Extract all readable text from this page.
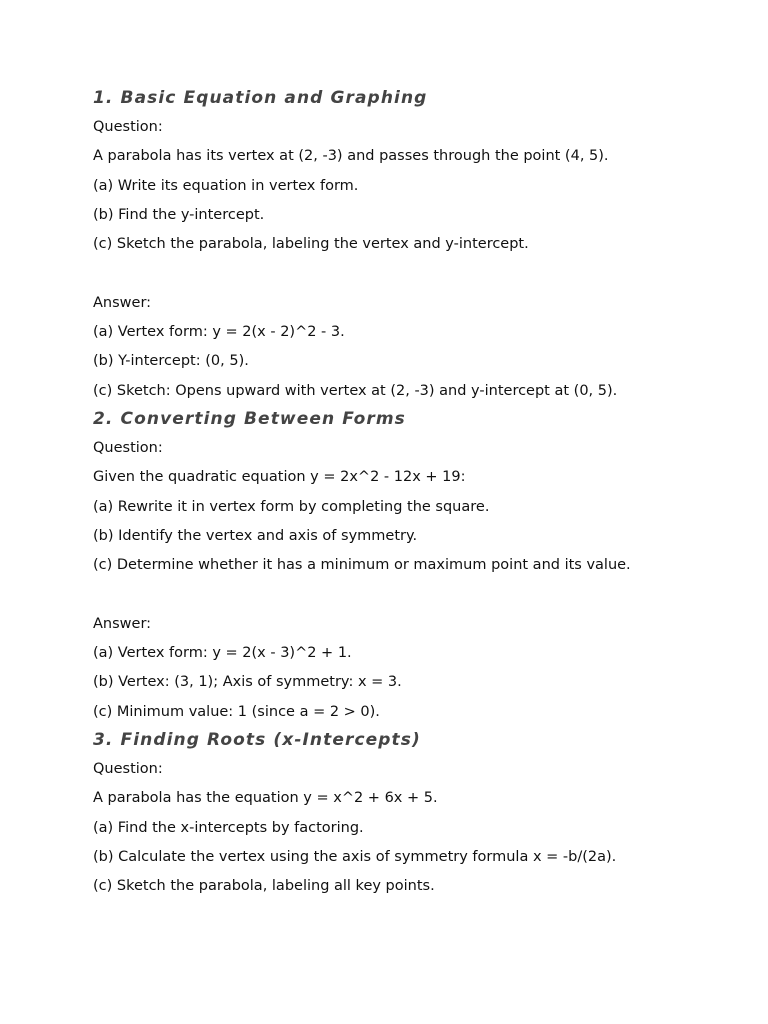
1. Basic Equation and Graphing

Question:

A parabola has its vertex at (2, -3) and passes through the point (4, 5).

(a) Write its equation in vertex form.

(b) Find the y-intercept.

(c) Sketch the parabola, labeling the vertex and y-intercept.

Answer:

(a) Vertex form: y = 2(x - 2)^2 - 3.

(b) Y-intercept: (0, 5).

(c) Sketch: Opens upward with vertex at (2, -3) and y-intercept at (0, 5).

2. Converting Between Forms

Question:

Given the quadratic equation y = 2x^2 - 12x + 19:

(a) Rewrite it in vertex form by completing the square.

(b) Identify the vertex and axis of symmetry.

(c) Determine whether it has a minimum or maximum point and its value.

Answer:

(a) Vertex form: y = 2(x - 3)^2 + 1.

(b) Vertex: (3, 1); Axis of symmetry: x = 3.

(c) Minimum value: 1 (since a = 2 > 0).

3. Finding Roots (x-Intercepts)

Question:

A parabola has the equation y = x^2 + 6x + 5.

(a) Find the x-intercepts by factoring.

(b) Calculate the vertex using the axis of symmetry formula x = -b/(2a).

(c) Sketch the parabola, labeling all key points.
